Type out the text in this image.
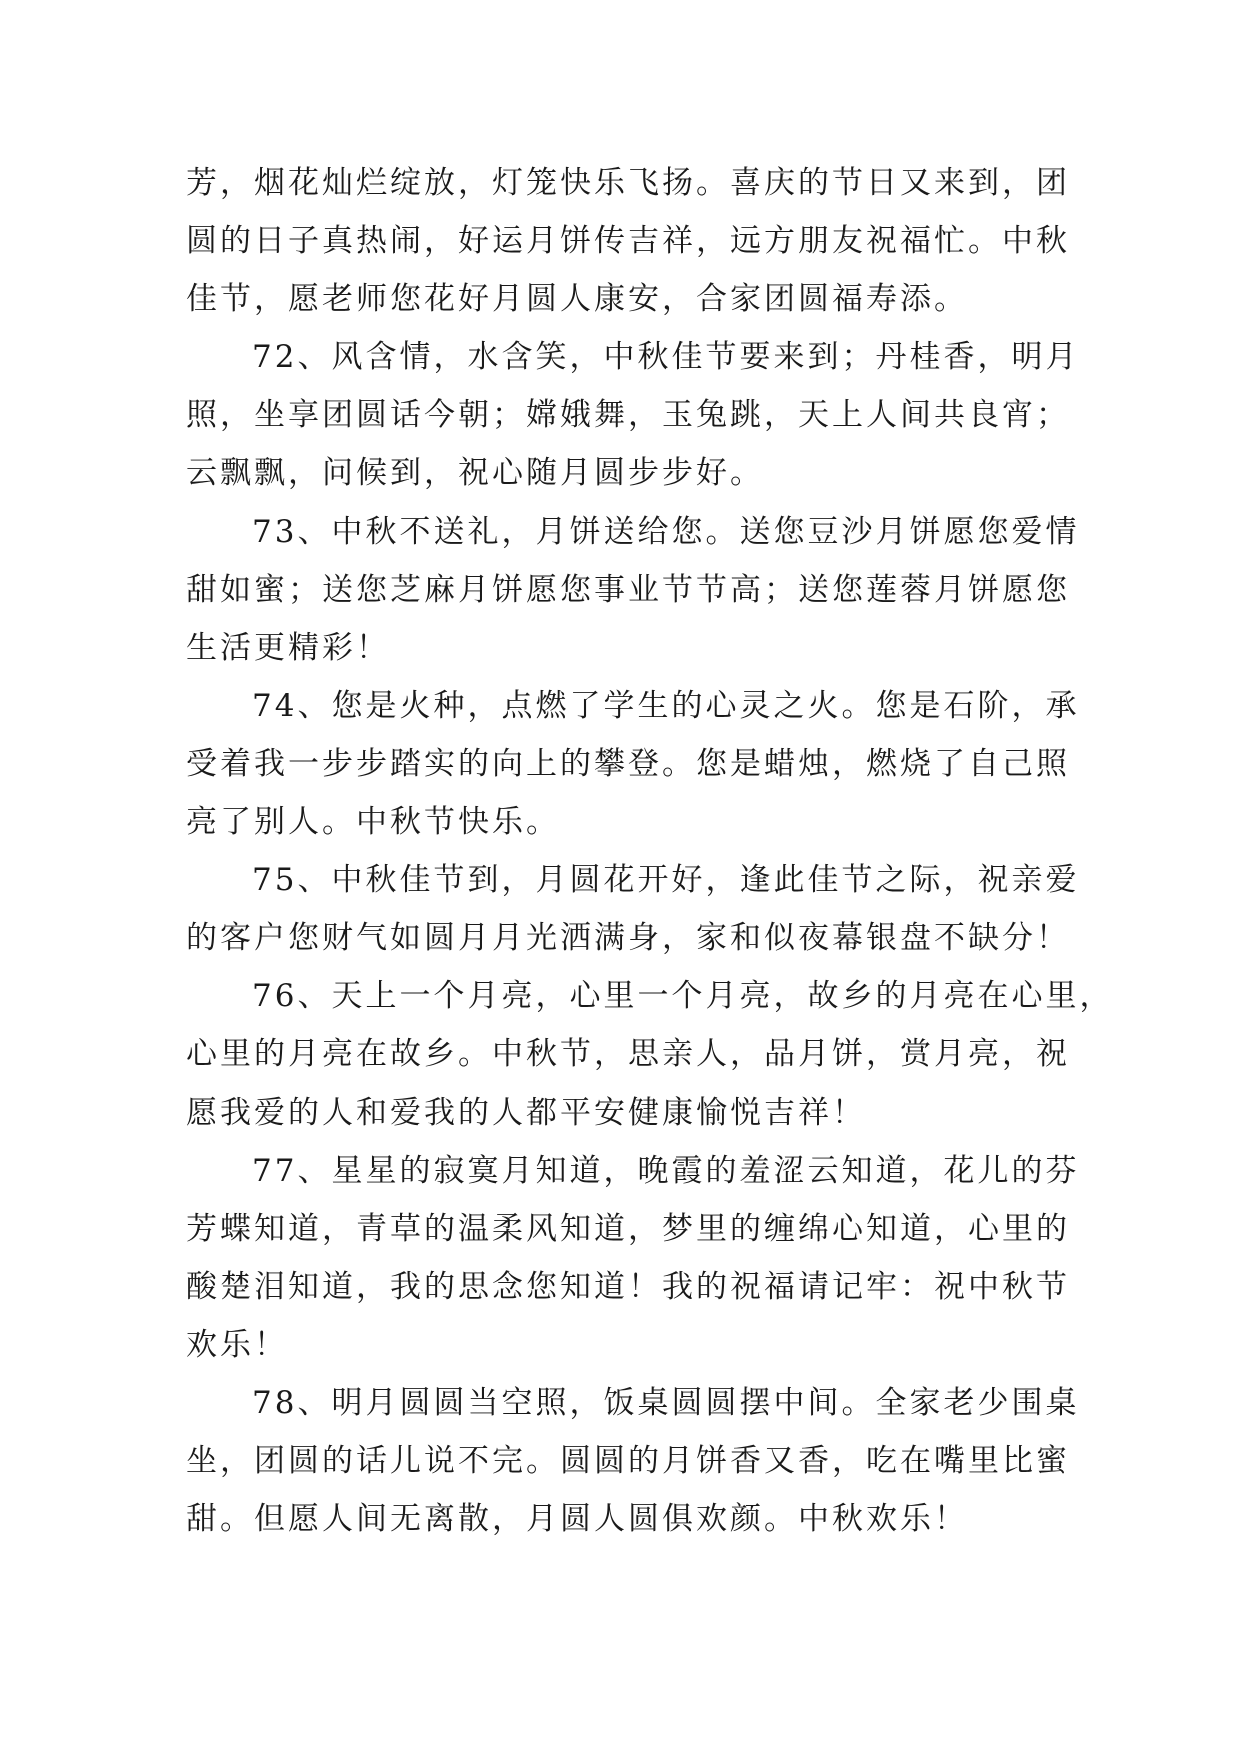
芳，烟花灿烂绽放，灯笼快乐飞扬。喜庆的节日又来到，团
圆的日子真热闹，好运月饼传吉祥，远方朋友祝福忙。中秋
佳节，愿老师您花好月圆人康安，合家团圆福寿添。
72、风含情，水含笑，中秋佳节要来到；丹桂香，明月
照，坐享团圆话今朝；嫦娥舞，玉兔跳，天上人间共良宵；
云飘飘，问候到，祝心随月圆步步好。
73、中秋不送礼，月饼送给您。送您豆沙月饼愿您爱情
甜如蜜；送您芝麻月饼愿您事业节节高；送您莲蓉月饼愿您
生活更精彩！
74、您是火种，点燃了学生的心灵之火。您是石阶，承
受着我一步步踏实的向上的攀登。您是蜡烛，燃烧了自己照
亮了别人。中秋节快乐。
75、中秋佳节到，月圆花开好，逢此佳节之际，祝亲爱
的客户您财气如圆月月光洒满身，家和似夜幕银盘不缺分！
76、天上一个月亮，心里一个月亮，故乡的月亮在心里，
心里的月亮在故乡。中秋节，思亲人，品月饼，赏月亮，祝
愿我爱的人和爱我的人都平安健康愉悦吉祥！
77、星星的寂寞月知道，晚霞的羞涩云知道，花儿的芬
芳蝶知道，青草的温柔风知道，梦里的缠绵心知道，心里的
酸楚泪知道，我的思念您知道！我的祝福请记牢：祝中秋节
欢乐！
78、明月圆圆当空照，饭桌圆圆摆中间。全家老少围桌
坐，团圆的话儿说不完。圆圆的月饼香又香，吃在嘴里比蜜
甜。但愿人间无离散，月圆人圆俱欢颜。中秋欢乐！
